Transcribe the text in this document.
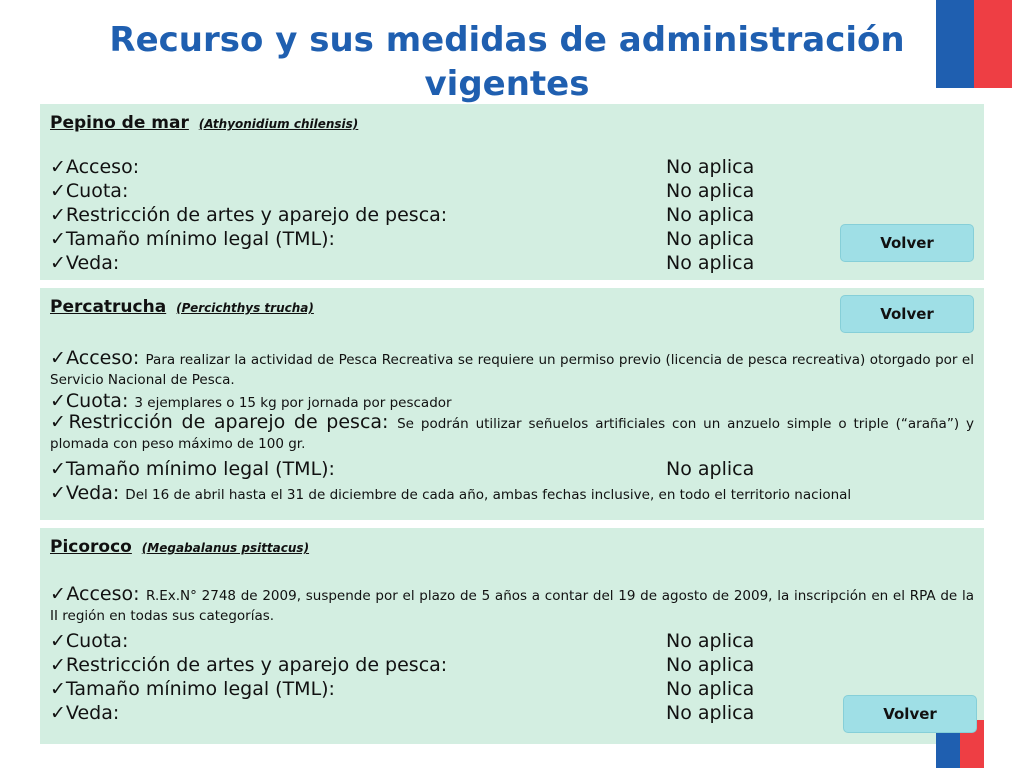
Recurso y sus medidas de administración vigentes
Pepino de mar (Athyonidium chilensis)
✓Acceso:	No aplica
✓Cuota:	No aplica
✓Restricción de artes y aparejo de pesca:	No aplica
✓Tamaño mínimo legal (TML):	No aplica
✓Veda:	No aplica
Percatrucha (Percichthys trucha)
✓Acceso: Para realizar la actividad de Pesca Recreativa se requiere un permiso previo (licencia de pesca recreativa) otorgado por el Servicio Nacional de Pesca.
✓Cuota: 3 ejemplares o 15 kg por jornada por pescador
✓Restricción de aparejo de pesca: Se podrán utilizar señuelos artificiales con un anzuelo simple o triple (“araña”) y plomada con peso máximo de 100 gr.
✓Tamaño mínimo legal (TML):	No aplica
✓Veda: Del 16 de abril hasta el 31 de diciembre de cada año, ambas fechas inclusive, en todo el territorio nacional
Picoroco (Megabalanus psittacus)
✓Acceso: R.Ex.N° 2748 de 2009, suspende por el plazo de 5 años a contar del 19 de agosto de 2009, la inscripción en el RPA de la II región en todas sus categorías.
✓Cuota:	No aplica
✓Restricción de artes y aparejo de pesca:	No aplica
✓Tamaño mínimo legal (TML):	No aplica
✓Veda:	No aplica
Volver
Volver
Volver
